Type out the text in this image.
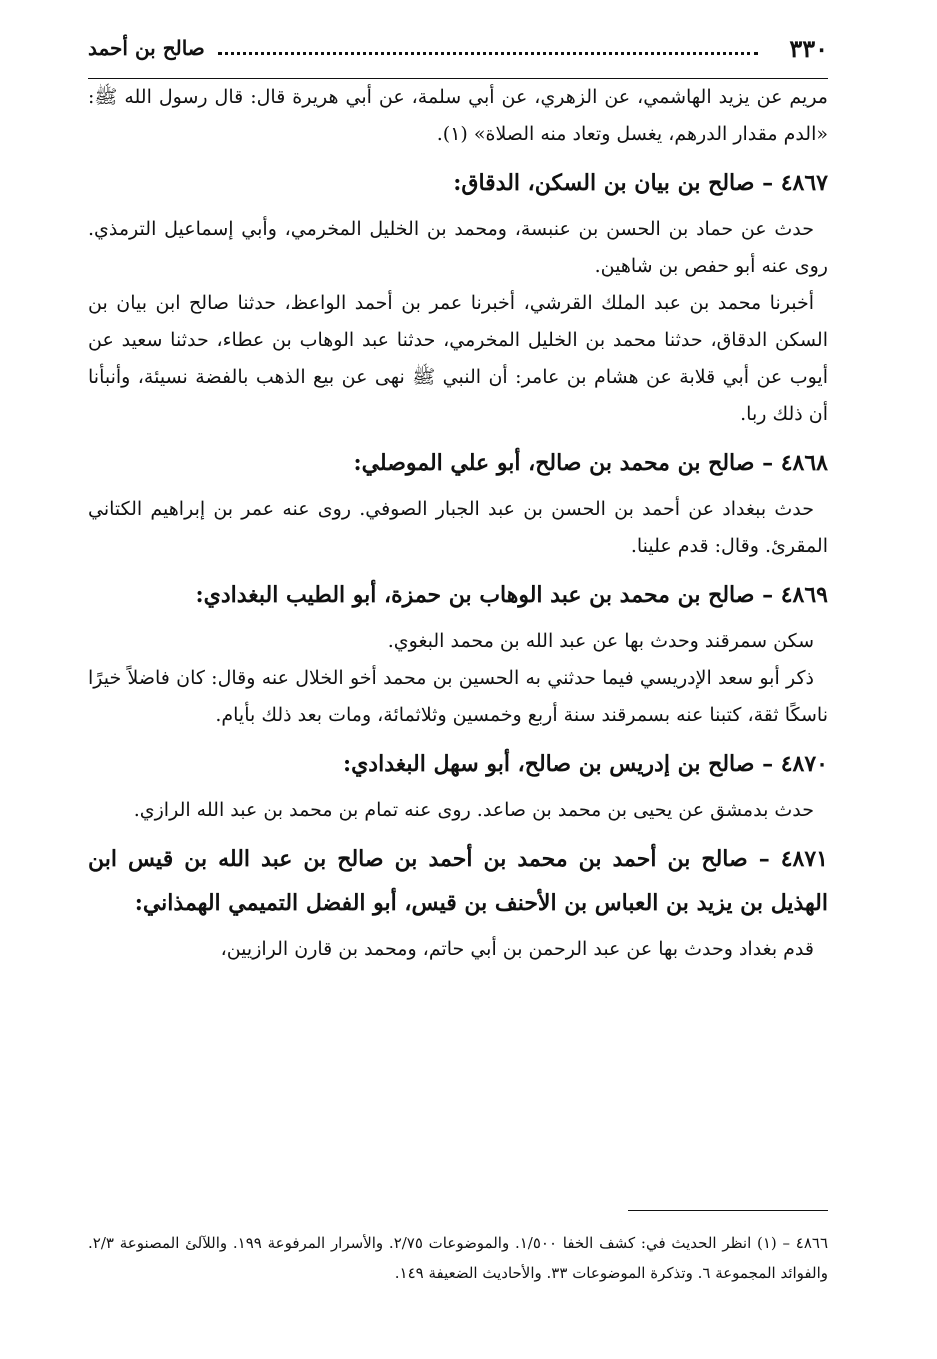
٣٣٠
صالح بن أحمد

مريم عن يزيد الهاشمي، عن الزهري، عن أبي سلمة، عن أبي هريرة قال: قال رسول الله ﷺ: «الدم مقدار الدرهم، يغسل وتعاد منه الصلاة» (١).

٤٨٦٧ – صالح بن بيان بن السكن، الدقاق:

حدث عن حماد بن الحسن بن عنبسة، ومحمد بن الخليل المخرمي، وأبي إسماعيل الترمذي. روى عنه أبو حفص بن شاهين.

أخبرنا محمد بن عبد الملك القرشي، أخبرنا عمر بن أحمد الواعظ، حدثنا صالح ابن بيان بن السكن الدقاق، حدثنا محمد بن الخليل المخرمي، حدثنا عبد الوهاب بن عطاء، حدثنا سعيد عن أيوب عن أبي قلابة عن هشام بن عامر: أن النبي ﷺ نهى عن بيع الذهب بالفضة نسيئة، وأنبأنا أن ذلك ربا.

٤٨٦٨ – صالح بن محمد بن صالح، أبو علي الموصلي:

حدث ببغداد عن أحمد بن الحسن بن عبد الجبار الصوفي. روى عنه عمر بن إبراهيم الكتاني المقرئ. وقال: قدم علينا.

٤٨٦٩ – صالح بن محمد بن عبد الوهاب بن حمزة، أبو الطيب البغدادي:

سكن سمرقند وحدث بها عن عبد الله بن محمد البغوي.

ذكر أبو سعد الإدريسي فيما حدثني به الحسين بن محمد أخو الخلال عنه وقال: كان فاضلاً خيرًا ناسكًا ثقة، كتبنا عنه بسمرقند سنة أربع وخمسين وثلاثمائة، ومات بعد ذلك بأيام.

٤٨٧٠ – صالح بن إدريس بن صالح، أبو سهل البغدادي:

حدث بدمشق عن يحيى بن محمد بن صاعد. روى عنه تمام بن محمد بن عبد الله الرازي.

٤٨٧١ – صالح بن أحمد بن محمد بن أحمد بن صالح بن عبد الله بن قيس ابن الهذيل بن يزيد بن العباس بن الأحنف بن قيس، أبو الفضل التميمي الهمذاني:

قدم بغداد وحدث بها عن عبد الرحمن بن أبي حاتم، ومحمد بن قارن الرازيين،

٤٨٦٦ – (١) انظر الحديث في: كشف الخفا ١/٥٠٠. والموضوعات ٢/٧٥. والأسرار المرفوعة ١٩٩. واللآلئ المصنوعة ٢/٣. والفوائد المجموعة ٦. وتذكرة الموضوعات ٣٣. والأحاديث الضعيفة ١٤٩.
